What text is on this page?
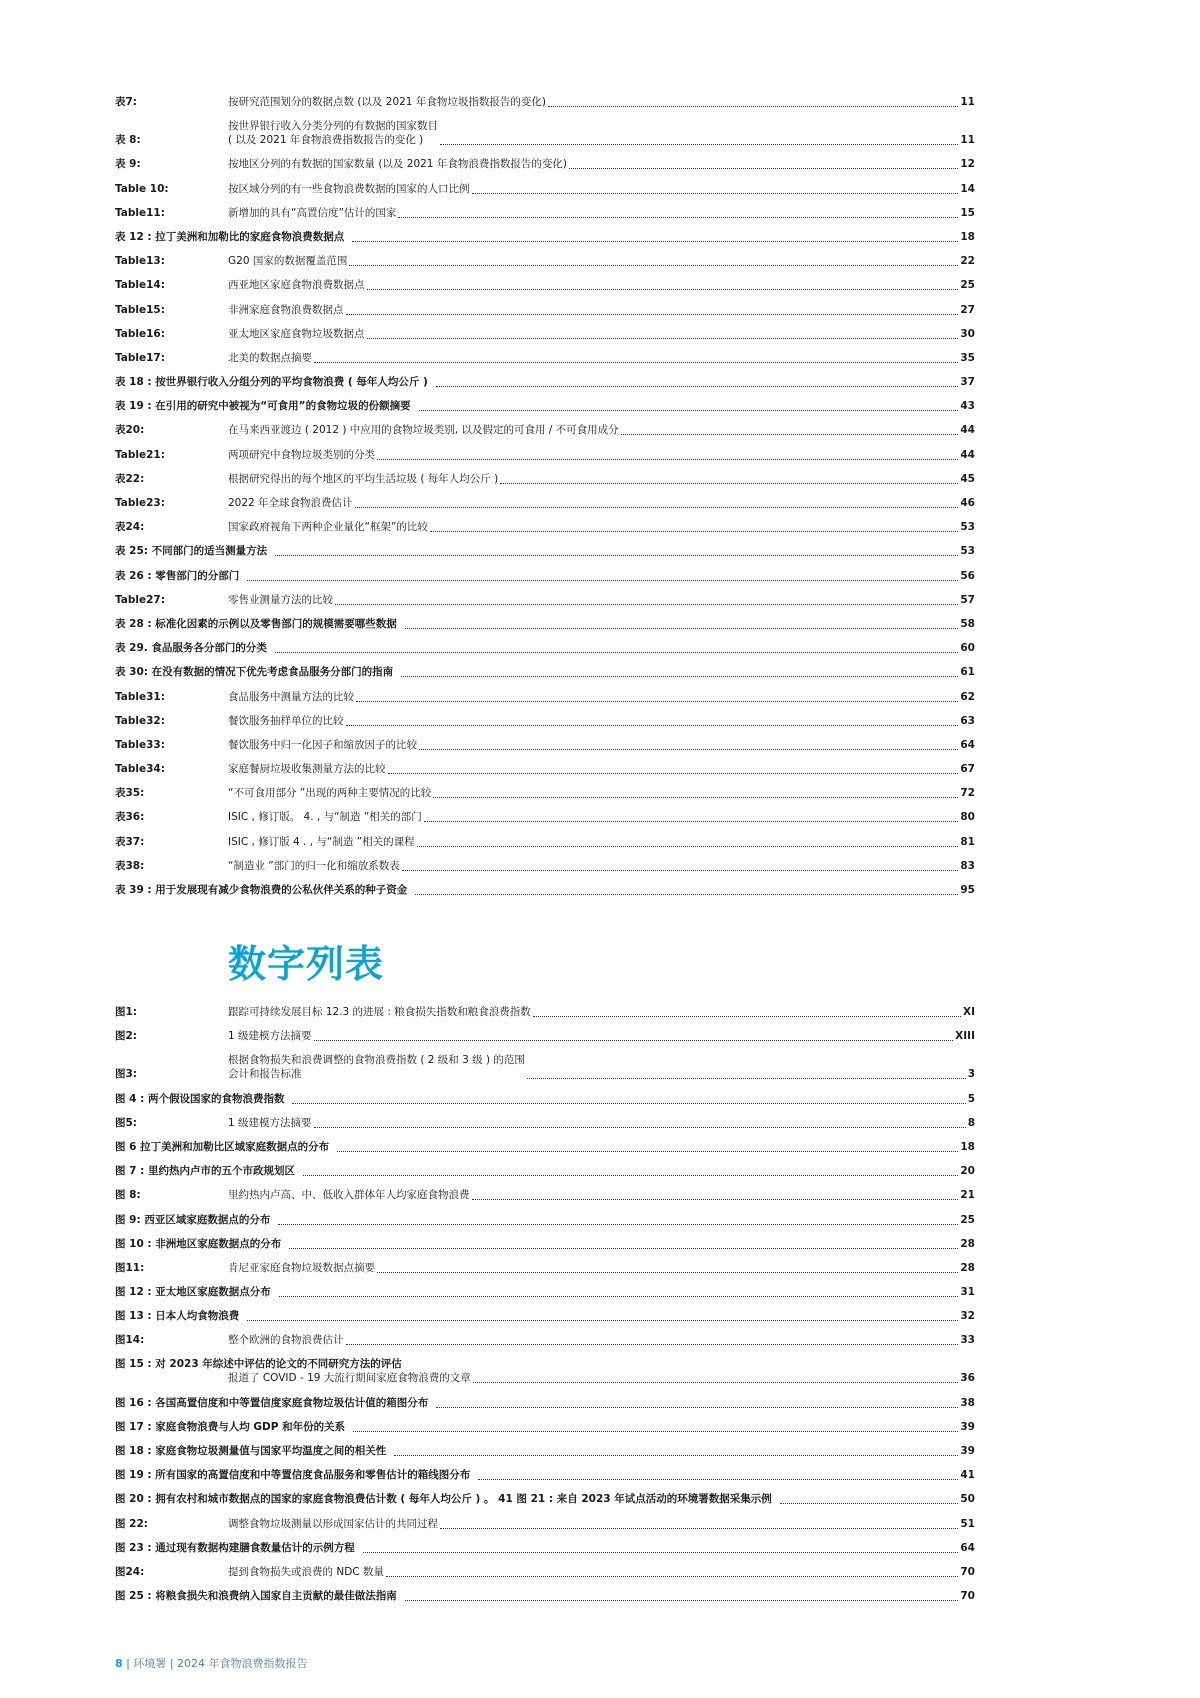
表7:	按研究范围划分的数据点数 (以及 2021 年食物垃圾指数报告的变化)	11
表 8:
按世界银行收入分类分列的有数据的国家数目
( 以及 2021 年食物浪费指数报告的变化 )	11
表 9:	按地区分列的有数据的国家数量 (以及 2021 年食物浪费指数报告的变化)	12
Table 10:	按区域分列的有一些食物浪费数据的国家的人口比例	14
Table11:	新增加的具有“高置信度”估计的国家	15
表 12 : 拉丁美洲和加勒比的家庭食物浪费数据点	18
Table13:	G20 国家的数据覆盖范围	22
Table14:	西亚地区家庭食物浪费数据点	25
Table15:	非洲家庭食物浪费数据点	27
Table16:	亚太地区家庭食物垃圾数据点	30
Table17:	北美的数据点摘要	35
表 18 : 按世界银行收入分组分列的平均食物浪费 ( 每年人均公斤 )	37
表 19 : 在引用的研究中被视为“可食用”的食物垃圾的份额摘要	43
表20:	在马来西亚渡边 ( 2012 ) 中应用的食物垃圾类别, 以及假定的可食用 / 不可食用成分	44
Table21:	两项研究中食物垃圾类别的分类	44
表22:	根据研究得出的每个地区的平均生活垃圾 ( 每年人均公斤 )	45
Table23:	2022 年全球食物浪费估计	46
表24:	国家政府视角下两种企业量化“框架”的比较	53
表 25: 不同部门的适当测量方法	53
表 26 : 零售部门的分部门	56
Table27:	零售业测量方法的比较	57
表 28 : 标准化因素的示例以及零售部门的规模需要哪些数据	58
表 29. 食品服务各分部门的分类	60
表 30: 在没有数据的情况下优先考虑食品服务分部门的指南	61
Table31:	食品服务中测量方法的比较	62
Table32:	餐饮服务抽样单位的比较	63
Table33:	餐饮服务中归一化因子和缩放因子的比较	64
Table34:	家庭餐厨垃圾收集测量方法的比较	67
表35:	“不可食用部分 ”出现的两种主要情况的比较	72
表36:	ISIC , 修订版。 4. , 与“制造 ”相关的部门	80
表37:	ISIC , 修订版 4 . , 与“制造 ”相关的课程	81
表38:	“制造业 ”部门的归一化和缩放系数表	83
表 39 : 用于发展现有减少食物浪费的公私伙伴关系的种子资金	95
数字列表
图1:	跟踪可持续发展目标 12.3 的进展 : 粮食损失指数和粮食浪费指数	XI
图2:	1 级建模方法摘要	XIII
图3:
根据食物损失和浪费调整的食物浪费指数 ( 2 级和 3 级 ) 的范围
会计和报告标准	3
图 4 : 两个假设国家的食物浪费指数	5
图5:	1 级建模方法摘要	8
图 6 拉丁美洲和加勒比区域家庭数据点的分布	18
图 7 : 里约热内卢市的五个市政规划区	20
图 8:	里约热内卢高、中、低收入群体年人均家庭食物浪费	21
图 9: 西亚区域家庭数据点的分布	25
图 10 : 非洲地区家庭数据点的分布	28
图11:	肯尼亚家庭食物垃圾数据点摘要	28
图 12 : 亚太地区家庭数据点分布	31
图 13 : 日本人均食物浪费	32
图14:	整个欧洲的食物浪费估计	33
图 15 : 对 2023 年综述中评估的论文的不同研究方法的评估
报道了 COVID - 19 大流行期间家庭食物浪费的文章	36
图 16 : 各国高置信度和中等置信度家庭食物垃圾估计值的箱图分布	38
图 17 : 家庭食物浪费与人均 GDP 和年份的关系	39
图 18 : 家庭食物垃圾测量值与国家平均温度之间的相关性	39
图 19 : 所有国家的高置信度和中等置信度食品服务和零售估计的箱线图分布	41
图 20 : 拥有农村和城市数据点的国家的家庭食物浪费估计数 ( 每年人均公斤 ) 。 41 图 21 : 来自 2023 年试点活动的环境署数据采集示例	50
图 22:	调整食物垃圾测量以形成国家估计的共同过程	51
图 23 : 通过现有数据构建膳食数量估计的示例方程	64
图24:	提到食物损失或浪费的 NDC 数量	70
图 25 : 将粮食损失和浪费纳入国家自主贡献的最佳做法指南	70
8 | 环境署 | 2024 年食物浪费指数报告
